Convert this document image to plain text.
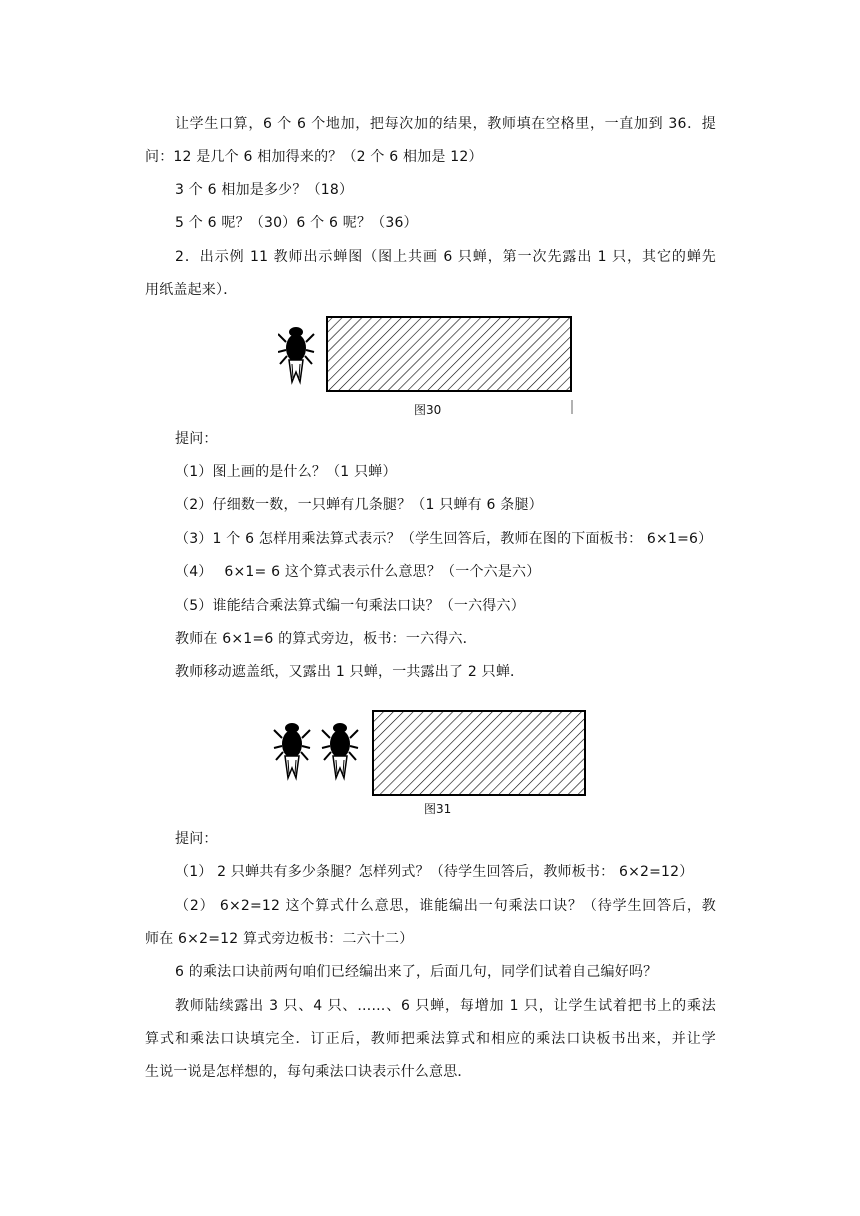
让学生口算，6 个 6 个地加，把每次加的结果，教师填在空格里，一直加到 36．提
问：12 是几个 6 相加得来的？（2 个 6 相加是 12）
3 个 6 相加是多少？（18）
5 个 6 呢？（30）6 个 6 呢？（36）
2．出示例 11 教师出示蝉图（图上共画 6 只蝉，第一次先露出 1 只，其它的蝉先
用纸盖起来）．
图30
提问：
（1）图上画的是什么？（1 只蝉）
（2）仔细数一数，一只蝉有几条腿？（1 只蝉有 6 条腿）
（3）1 个 6 怎样用乘法算式表示？（学生回答后，教师在图的下面板书： 6×1=6）
（4）　 6×1= 6 这个算式表示什么意思？（一个六是六）
（5）谁能结合乘法算式编一句乘法口诀？（一六得六）
教师在 6×1=6 的算式旁边，板书：一六得六．
教师移动遮盖纸，又露出 1 只蝉，一共露出了 2 只蝉．
图31
提问：
（1） 2 只蝉共有多少条腿？怎样列式？（待学生回答后，教师板书： 6×2=12）
（2） 6×2=12 这个算式什么意思，谁能编出一句乘法口诀？（待学生回答后，教
师在 6×2=12 算式旁边板书：二六十二）
6 的乘法口诀前两句咱们已经编出来了，后面几句，同学们试着自己编好吗？
教师陆续露出 3 只、4 只、……、6 只蝉，每增加 1 只，让学生试着把书上的乘法
算式和乘法口诀填完全．订正后，教师把乘法算式和相应的乘法口诀板书出来，并让学
生说一说是怎样想的，每句乘法口诀表示什么意思．
